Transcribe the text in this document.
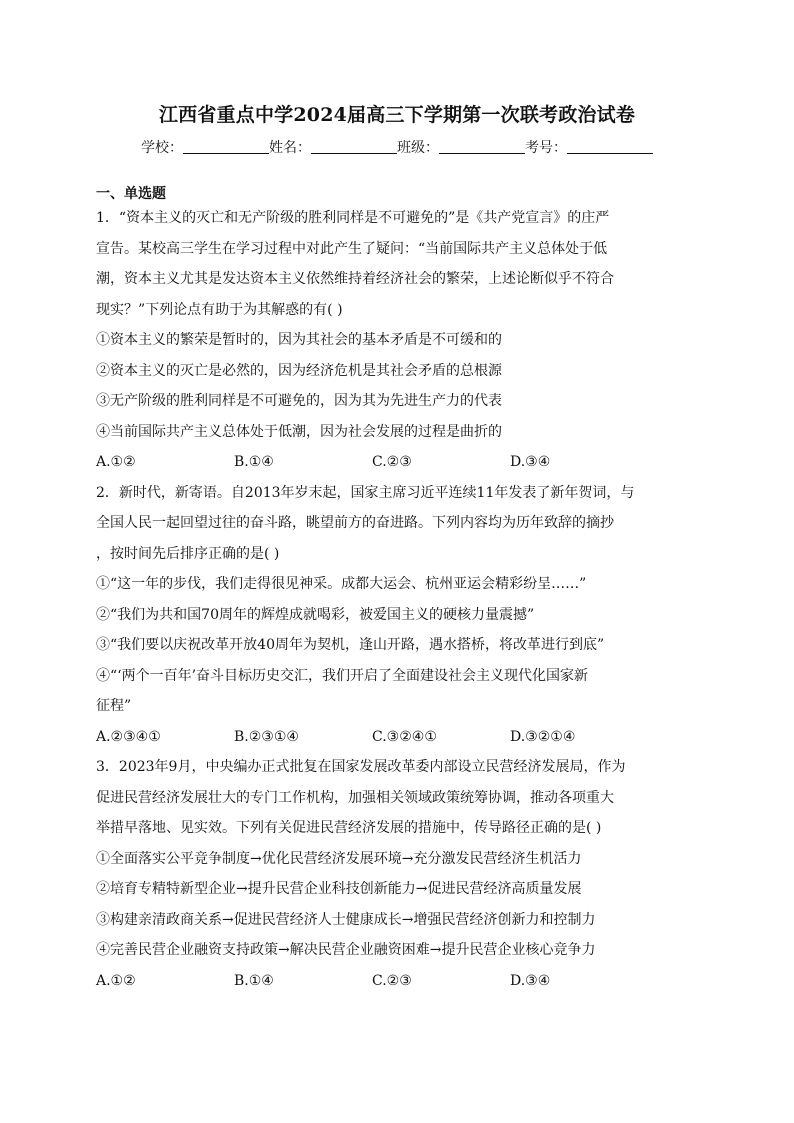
江西省重点中学2024届高三下学期第一次联考政治试卷
学校：	姓名：	班级：	考号：
一、单选题

1．“资本主义的灭亡和无产阶级的胜利同样是不可避免的”是《共产党宣言》的庄严

宣告。某校高三学生在学习过程中对此产生了疑问：“当前国际共产主义总体处于低

潮，资本主义尤其是发达资本主义依然维持着经济社会的繁荣，上述论断似乎不符合

现实？”下列论点有助于为其解惑的有( )

①资本主义的繁荣是暂时的，因为其社会的基本矛盾是不可缓和的

②资本主义的灭亡是必然的，因为经济危机是其社会矛盾的总根源

③无产阶级的胜利同样是不可避免的，因为其为先进生产力的代表

④当前国际共产主义总体处于低潮，因为社会发展的过程是曲折的

A.①②	B.①④	C.②③	D.③④

2．新时代，新寄语。自2013年岁末起，国家主席习近平连续11年发表了新年贺词，与

全国人民一起回望过往的奋斗路，眺望前方的奋进路。下列内容均为历年致辞的摘抄

，按时间先后排序正确的是( )

①“这一年的步伐，我们走得很见神采。成都大运会、杭州亚运会精彩纷呈……”

②“我们为共和国70周年的辉煌成就喝彩，被爱国主义的硬核力量震撼”

③“我们要以庆祝改革开放40周年为契机，逢山开路，遇水搭桥，将改革进行到底”

④“‘两个一百年’奋斗目标历史交汇，我们开启了全面建设社会主义现代化国家新

征程”

A.②③④①	B.②③①④	C.③②④①	D.③②①④

3．2023年9月，中央编办正式批复在国家发展改革委内部设立民营经济发展局，作为

促进民营经济发展壮大的专门工作机构，加强相关领域政策统筹协调，推动各项重大

举措早落地、见实效。下列有关促进民营经济发展的措施中，传导路径正确的是( )

①全面落实公平竞争制度→优化民营经济发展环境→充分激发民营经济生机活力

②培育专精特新型企业→提升民营企业科技创新能力→促进民营经济高质量发展

③构建亲清政商关系→促进民营经济人士健康成长→增强民营经济创新力和控制力

④完善民营企业融资支持政策→解决民营企业融资困难→提升民营企业核心竞争力

A.①②	B.①④	C.②③	D.③④
